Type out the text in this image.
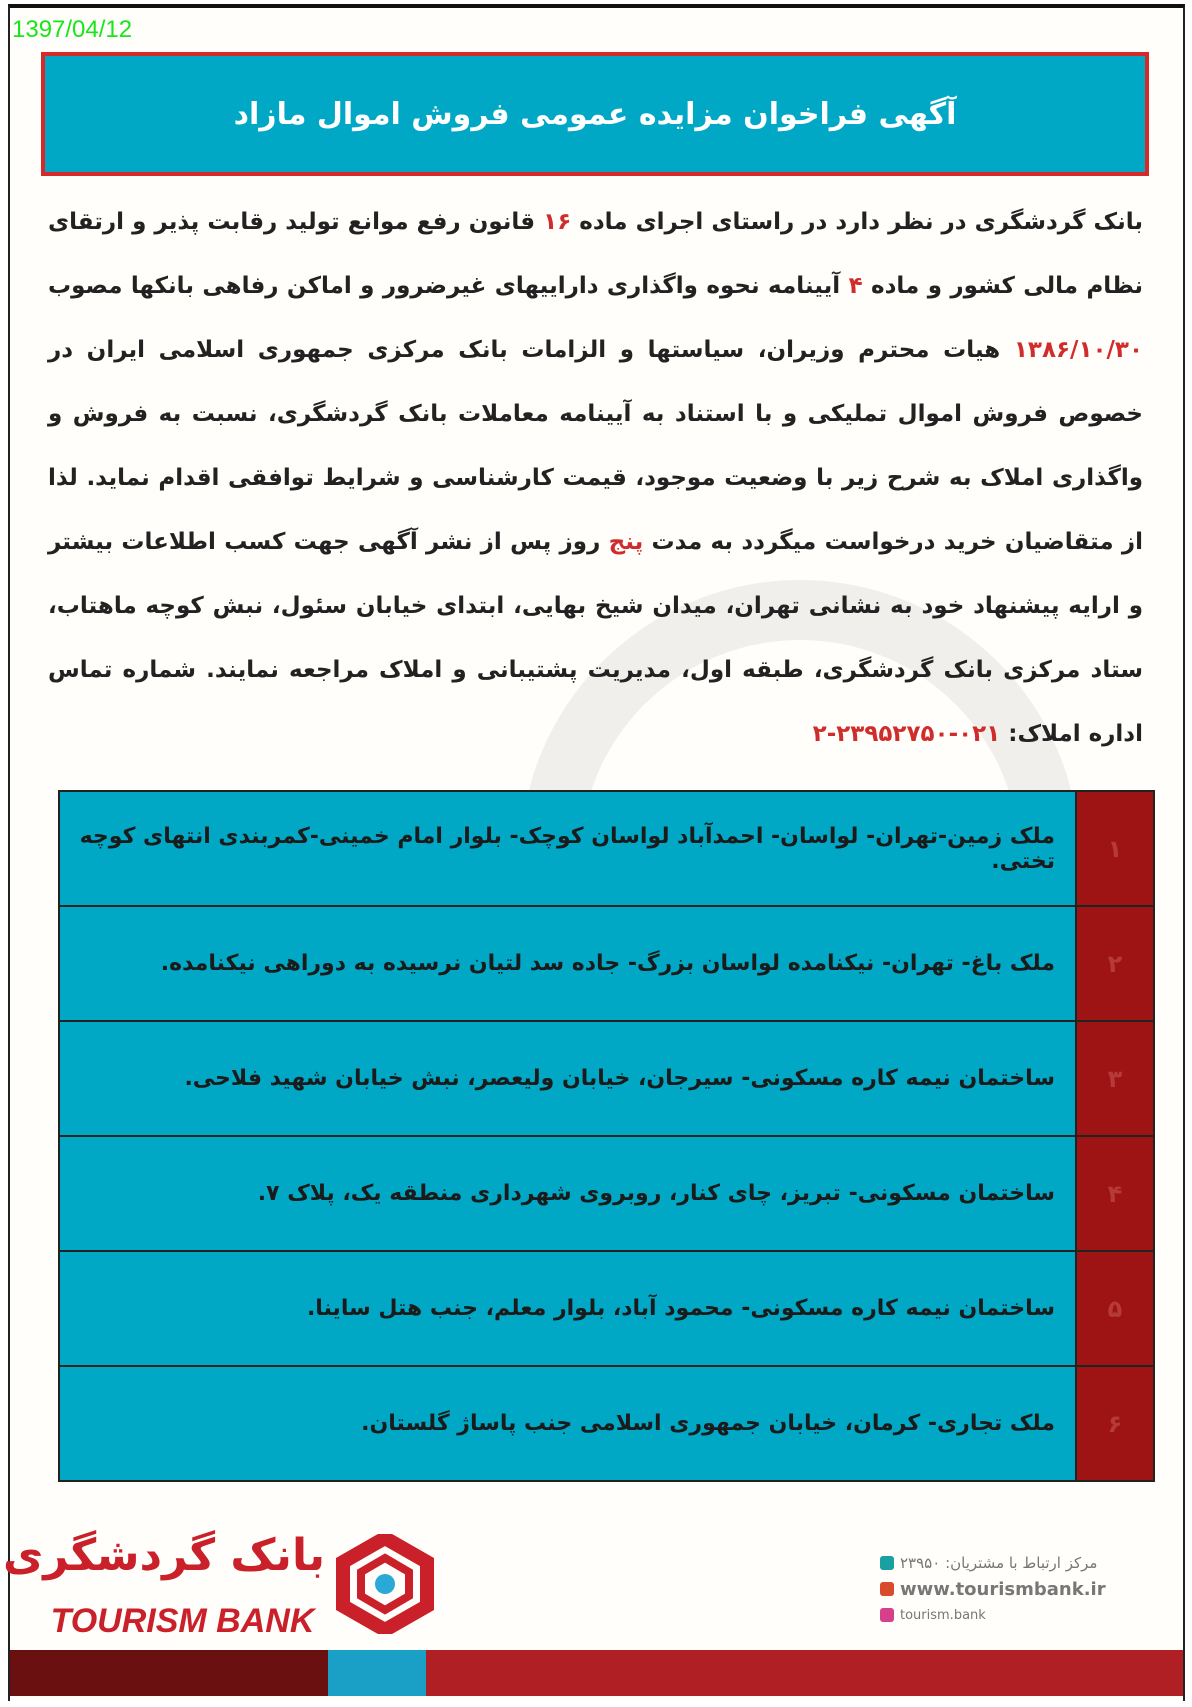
1397/04/12
آگهی فراخوان مزایده عمومی فروش اموال مازاد
بانک گردشگری در نظر دارد در راستای اجرای ماده ۱۶ قانون رفع موانع تولید رقابت پذیر و ارتقای نظام مالی کشور و ماده ۴ آیینامه نحوه واگذاری داراییهای غیرضرور و اماکن رفاهی بانکها مصوب ۱۳۸۶/۱۰/۳۰ هیات محترم وزیران، سیاستها و الزامات بانک مرکزی جمهوری اسلامی ایران در خصوص فروش اموال تملیکی و با استناد به آیینامه معاملات بانک گردشگری، نسبت به فروش و واگذاری املاک به شرح زیر با وضعیت موجود، قیمت کارشناسی و شرایط توافقی اقدام نماید. لذا از متقاضیان خرید درخواست میگردد به مدت پنج روز پس از نشر آگهی جهت کسب اطلاعات بیشتر و ارایه پیشنهاد خود به نشانی تهران، میدان شیخ بهایی، ابتدای خیابان سئول، نبش کوچه ماهتاب، ستاد مرکزی بانک گردشگری، طبقه اول، مدیریت پشتیبانی و املاک مراجعه نمایند. شماره تماس اداره املاک: ۰۲۱-۲۳۹۵۲۷۵۰-۲
۱
ملک زمین-تهران- لواسان- احمدآباد لواسان کوچک- بلوار امام خمینی-کمربندی انتهای کوچه تختی.
۲
ملک باغ- تهران- نیکنامده لواسان بزرگ- جاده سد لتیان نرسیده به دوراهی نیکنامده.
۳
ساختمان نیمه کاره مسکونی- سیرجان، خیابان ولیعصر، نبش خیابان شهید فلاحی.
۴
ساختمان مسکونی- تبریز، چای کنار، روبروی شهرداری منطقه یک، پلاک ۷.
۵
ساختمان نیمه کاره مسکونی- محمود آباد، بلوار معلم، جنب هتل ساینا.
۶
ملک تجاری- کرمان، خیابان جمهوری اسلامی جنب پاساژ گلستان.
بانک گردشگری
TOURISM BANK
مرکز ارتباط با مشتریان: ۲۳۹۵۰
www.tourismbank.ir
tourism.bank
